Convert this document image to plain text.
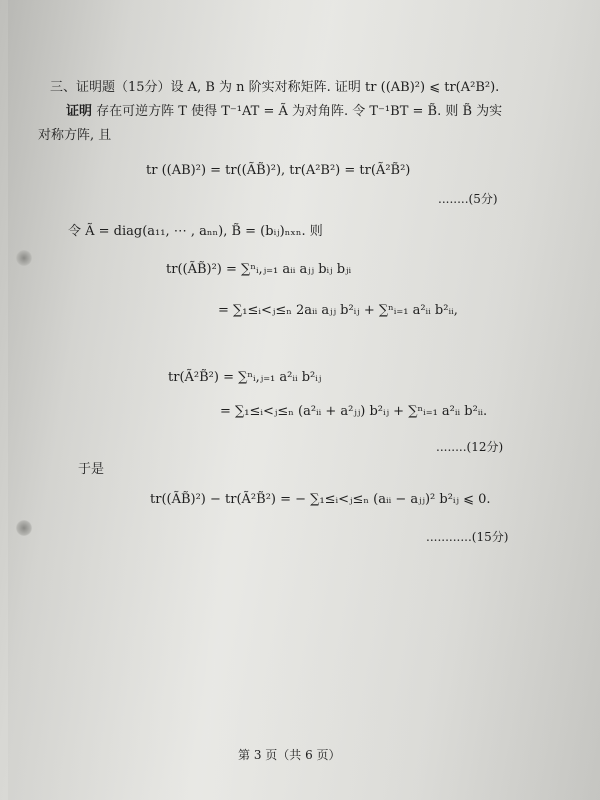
三、证明题（15分）设 A, B 为 n 阶实对称矩阵. 证明 tr ((AB)²) ⩽ tr(A²B²).
证明 存在可逆方阵 T 使得 T⁻¹AT = Ã 为对角阵. 令 T⁻¹BT = B̃. 则 B̃ 为实
对称方阵, 且
tr ((AB)²) = tr((ÃB̃)²), tr(A²B²) = tr(Ã²B̃²)
........(5分)
令 Ã = diag(a₁₁, ⋯ , aₙₙ), B̃ = (bᵢⱼ)ₙₓₙ. 则
tr((ÃB̃)²) = ∑ⁿᵢ,ⱼ₌₁ aᵢᵢ aⱼⱼ bᵢⱼ bⱼᵢ
= ∑₁≤ᵢ<ⱼ≤ₙ 2aᵢᵢ aⱼⱼ b²ᵢⱼ + ∑ⁿᵢ₌₁ a²ᵢᵢ b²ᵢᵢ,
tr(Ã²B̃²) = ∑ⁿᵢ,ⱼ₌₁ a²ᵢᵢ b²ᵢⱼ
= ∑₁≤ᵢ<ⱼ≤ₙ (a²ᵢᵢ + a²ⱼⱼ) b²ᵢⱼ + ∑ⁿᵢ₌₁ a²ᵢᵢ b²ᵢᵢ.
........(12分)
于是
tr((ÃB̃)²) − tr(Ã²B̃²) = − ∑₁≤ᵢ<ⱼ≤ₙ (aᵢᵢ − aⱼⱼ)² b²ᵢⱼ ⩽ 0.
............(15分)
第 3 页（共 6 页）
